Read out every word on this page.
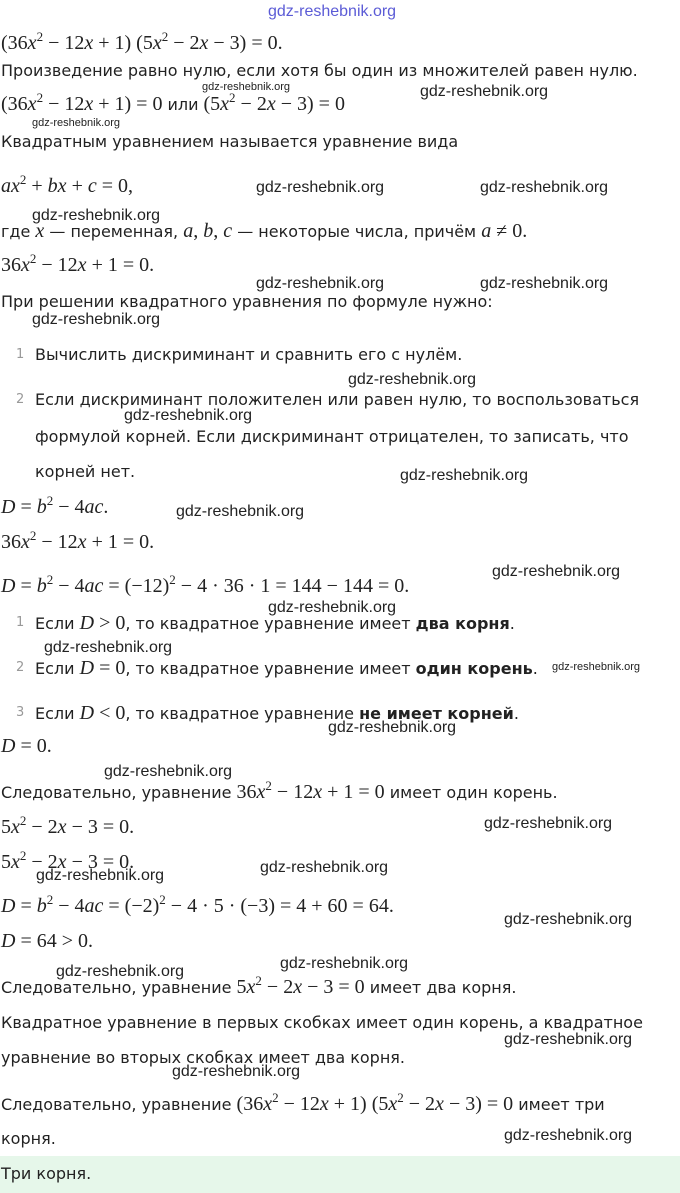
gdz-reshebnik.org
$(36x^2 - 12x + 1) (5x^2 - 2x - 3) = 0$.
Произведение равно нулю, если хотя бы один из множителей равен нулю.
$(36x^2 - 12x + 1) = 0$ или $(5x^2 - 2x - 3) = 0$
Квадратным уравнением называется уравнение вида
$ax^2$ + bx + c = 0,
где x — переменная, a, b, c — некоторые числа, причём a ≠ 0.
$36x^2 - 12x + 1 = 0$.
При решении квадратного уравнения по формуле нужно:
1 Вычислить дискриминант и сравнить его с нулём.
2 Если дискриминант положителен или равен нулю, то воспользоваться
формулой корней. Если дискриминант отрицателен, то записать, что
корней нет.
$D = b^2 - 4ac$.
$36x^2 - 12x + 1 = 0$.
$D = b^2 - 4ac = (-12)^2 - 4 \cdot 36 \cdot 1 = 144 - 144 = 0$.
1 Если D > 0, то квадратное уравнение имеет два корня.
2 Если D = 0, то квадратное уравнение имеет один корень.
3 Если D < 0, то квадратное уравнение не имеет корней.
D = 0.
Следовательно, уравнение $36x^2 - 12x + 1 = 0$ имеет один корень.
$5x^2 - 2x - 3 = 0$.
$5x^2 - 2x - 3 = 0$.
$D = b^2 - 4ac = (-2)^2 - 4 \cdot 5 \cdot (-3) = 4 + 60 = 64$.
D = 64 > 0.
Следовательно, уравнение $5x^2 - 2x - 3 = 0$ имеет два корня.
Квадратное уравнение в первых скобках имеет один корень, а квадратное
уравнение во вторых скобках имеет два корня.
Следовательно, уравнение $(36x^2 - 12x + 1) (5x^2 - 2x - 3) = 0$ имеет три
корня.
Три корня.
gdz-reshebnik.org	gdz-reshebnik.org
gdz-reshebnik.org
gdz-reshebnik.org	gdz-reshebnik.org
gdz-reshebnik.org
gdz-reshebnik.org	gdz-reshebnik.org
gdz-reshebnik.org
gdz-reshebnik.org
gdz-reshebnik.org
gdz-reshebnik.org
gdz-reshebnik.org
gdz-reshebnik.org
gdz-reshebnik.org
gdz-reshebnik.org
gdz-reshebnik.org
gdz-reshebnik.org
gdz-reshebnik.org
gdz-reshebnik.org
gdz-reshebnik.org
gdz-reshebnik.org
gdz-reshebnik.org
gdz-reshebnik.org
gdz-reshebnik.org
gdz-reshebnik.org
gdz-reshebnik.org
gdz-reshebnik.org
